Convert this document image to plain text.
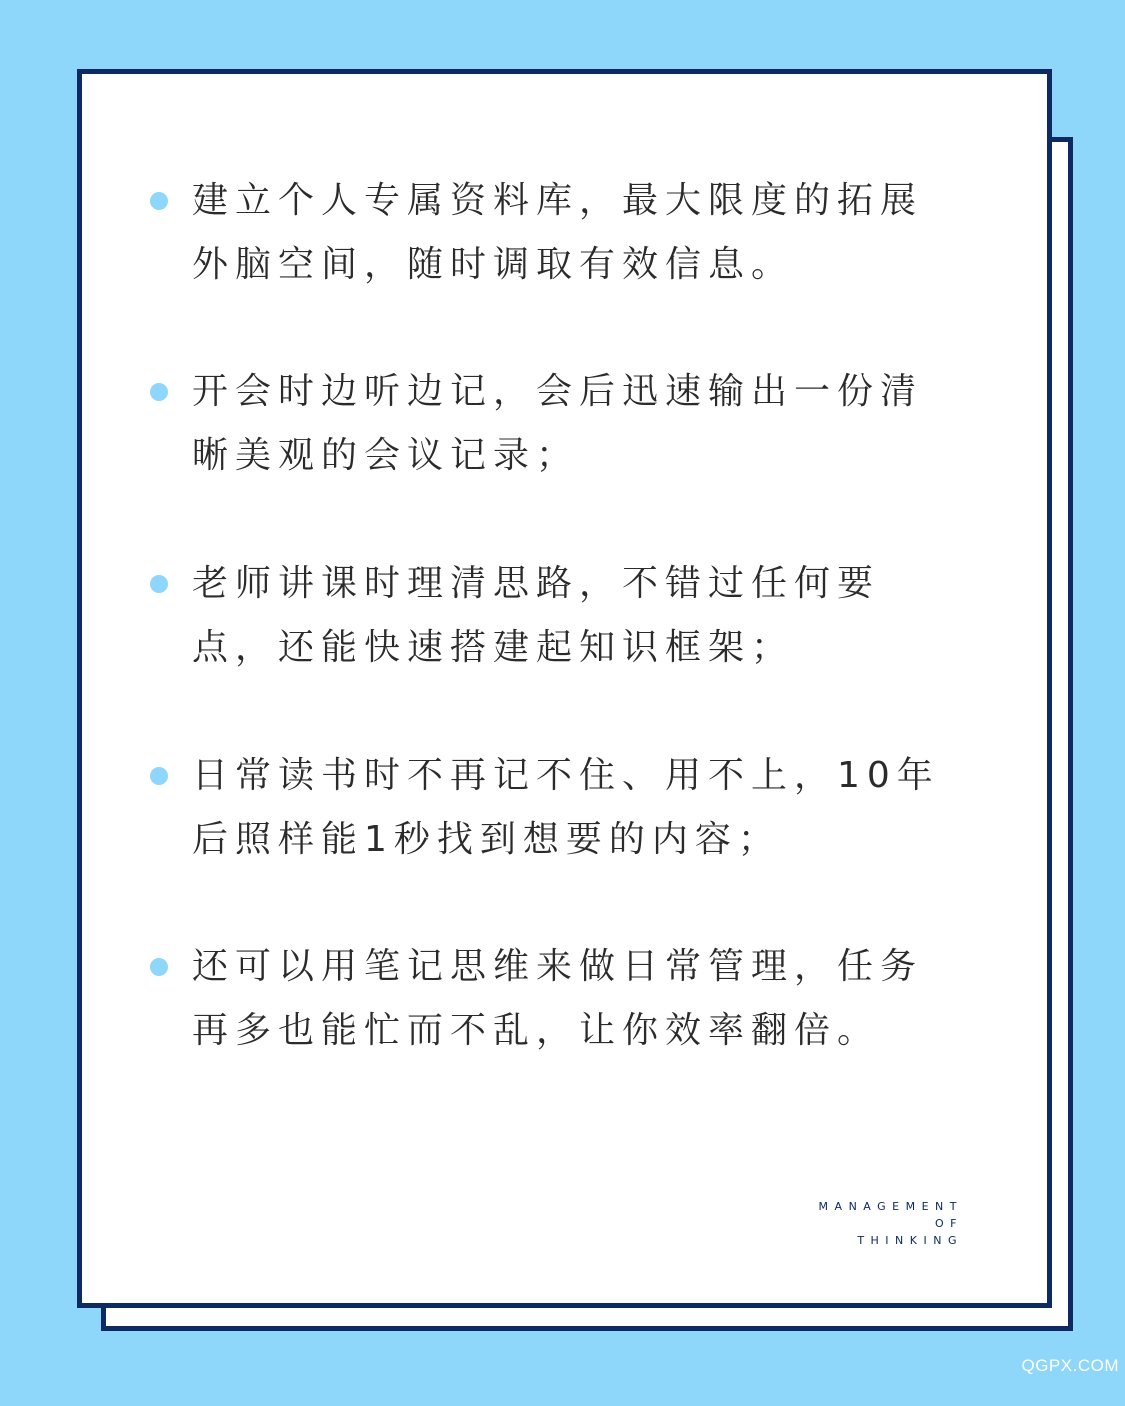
建立个人专属资料库，最大限度的拓展
外脑空间，随时调取有效信息。
开会时边听边记，会后迅速输出一份清
晰美观的会议记录；
老师讲课时理清思路，不错过任何要
点，还能快速搭建起知识框架；
日常读书时不再记不住、用不上，10年
后照样能1秒找到想要的内容；
还可以用笔记思维来做日常管理，任务
再多也能忙而不乱，让你效率翻倍。
MANAGEMENT
OF
THINKING
QGPX.COM
